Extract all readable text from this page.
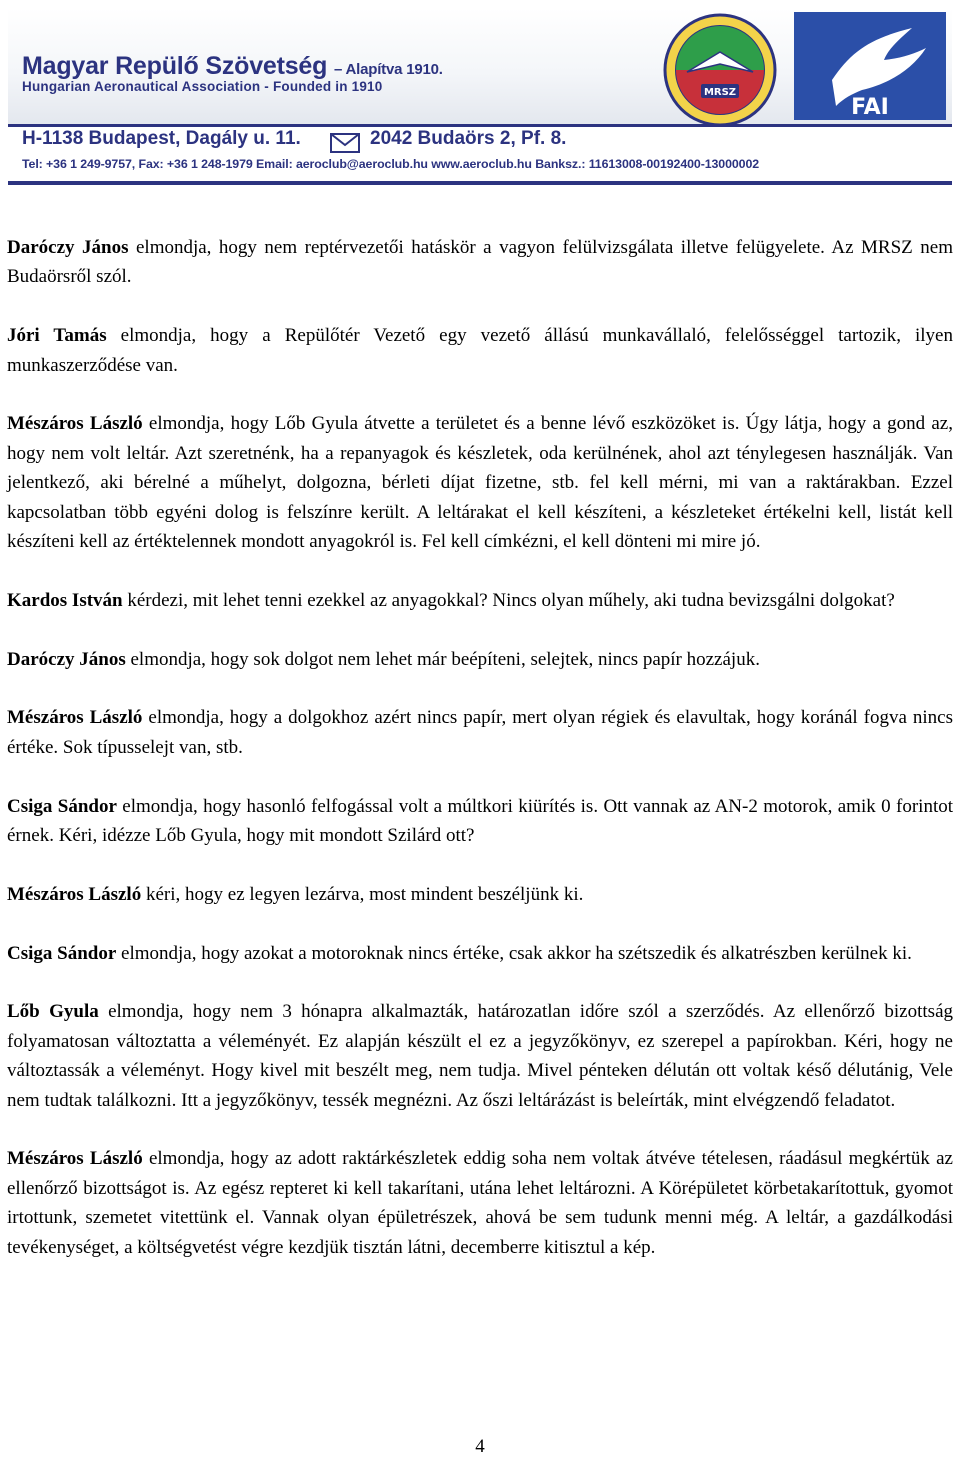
Magyar Repülő Szövetség – Alapítva 1910.
Hungarian Aeronautical Association - Founded in 1910	MRSZ
FAI
H-1138 Budapest, Dagály u. 11.	2042 Budaörs 2, Pf. 8.
Tel: +36 1 249-9757, Fax: +36 1 248-1979 Email: aeroclub@aeroclub.hu www.aeroclub.hu Banksz.: 11613008-00192400-13000002

Daróczy János elmondja, hogy nem reptérvezetői hatáskör a vagyon felülvizsgálata illetve felügyelete. Az MRSZ nem Budaörsről szól.

Jóri Tamás elmondja, hogy a Repülőtér Vezető egy vezető állású munkavállaló, felelősséggel tartozik, ilyen munkaszerződése van.

Mészáros László elmondja, hogy Lőb Gyula átvette a területet és a benne lévő eszközöket is. Úgy látja, hogy a gond az, hogy nem volt leltár. Azt szeretnénk, ha a repanyagok és készletek, oda kerülnének, ahol azt ténylegesen használják. Van jelentkező, aki bérelné a műhelyt, dolgozna, bérleti díjat fizetne, stb. fel kell mérni, mi van a raktárakban. Ezzel kapcsolatban több egyéni dolog is felszínre került. A leltárakat el kell készíteni, a készleteket értékelni kell, listát kell készíteni kell az értéktelennek mondott anyagokról is. Fel kell címkézni, el kell dönteni mi mire jó.

Kardos István kérdezi, mit lehet tenni ezekkel az anyagokkal? Nincs olyan műhely, aki tudna bevizsgálni dolgokat?

Daróczy János elmondja, hogy sok dolgot nem lehet már beépíteni, selejtek, nincs papír hozzájuk.

Mészáros László elmondja, hogy a dolgokhoz azért nincs papír, mert olyan régiek és elavultak, hogy koránál fogva nincs értéke. Sok típusselejt van, stb.

Csiga Sándor elmondja, hogy hasonló felfogással volt a múltkori kiürítés is. Ott vannak az AN-2 motorok, amik 0 forintot érnek. Kéri, idézze Lőb Gyula, hogy mit mondott Szilárd ott?

Mészáros László kéri, hogy ez legyen lezárva, most mindent beszéljünk ki.

Csiga Sándor elmondja, hogy azokat a motoroknak nincs értéke, csak akkor ha szétszedik és alkatrészben kerülnek ki.

Lőb Gyula elmondja, hogy nem 3 hónapra alkalmazták, határozatlan időre szól a szerződés. Az ellenőrző bizottság folyamatosan változtatta a véleményét. Ez alapján készült el ez a jegyzőkönyv, ez szerepel a papírokban. Kéri, hogy ne változtassák a véleményt. Hogy kivel mit beszélt meg, nem tudja. Mivel pénteken délután ott voltak késő délutánig, Vele nem tudtak találkozni. Itt a jegyzőkönyv, tessék megnézni. Az őszi leltárázást is beleírták, mint elvégzendő feladatot.

Mészáros László elmondja, hogy az adott raktárkészletek eddig soha nem voltak átvéve tételesen, ráadásul megkértük az ellenőrző bizottságot is. Az egész repteret ki kell takarítani, utána lehet leltározni. A Körépületet körbetakarítottuk, gyomot irtottunk, szemetet vitettünk el. Vannak olyan épületrészek, ahová be sem tudunk menni még. A leltár, a gazdálkodási tevékenységet, a költségvetést végre kezdjük tisztán látni, decemberre kitisztul a kép.

4
